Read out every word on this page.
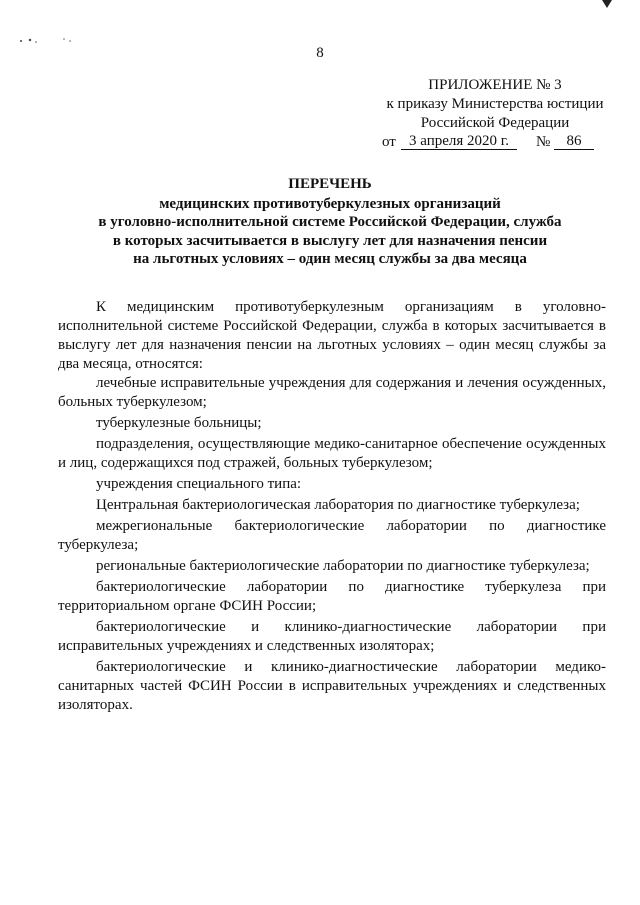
8
ПРИЛОЖЕНИЕ № 3
к приказу Министерства юстиции
Российской Федерации
от 3 апреля 2020 г.	№	86
ПЕРЕЧЕНЬ
медицинских противотуберкулезных организаций
в уголовно-исполнительной системе Российской Федерации, служба
в которых засчитывается в выслугу лет для назначения пенсии
на льготных условиях – один месяц службы за два месяца
К медицинским противотуберкулезным организациям в уголовно-исполнительной системе Российской Федерации, служба в которых засчитывается в выслугу лет для назначения пенсии на льготных условиях – один месяц службы за два месяца, относятся:
лечебные исправительные учреждения для содержания и лечения осужденных, больных туберкулезом;
туберкулезные больницы;
подразделения, осуществляющие медико-санитарное обеспечение осужденных и лиц, содержащихся под стражей, больных туберкулезом;
учреждения специального типа:
Центральная бактериологическая лаборатория по диагностике туберкулеза;
межрегиональные бактериологические лаборатории по диагностике туберкулеза;
региональные бактериологические лаборатории по диагностике туберкулеза;
бактериологические лаборатории по диагностике туберкулеза при территориальном органе ФСИН России;
бактериологические и клинико-диагностические лаборатории при исправительных учреждениях и следственных изоляторах;
бактериологические и клинико-диагностические лаборатории медико-санитарных частей ФСИН России в исправительных учреждениях и следственных изоляторах.
